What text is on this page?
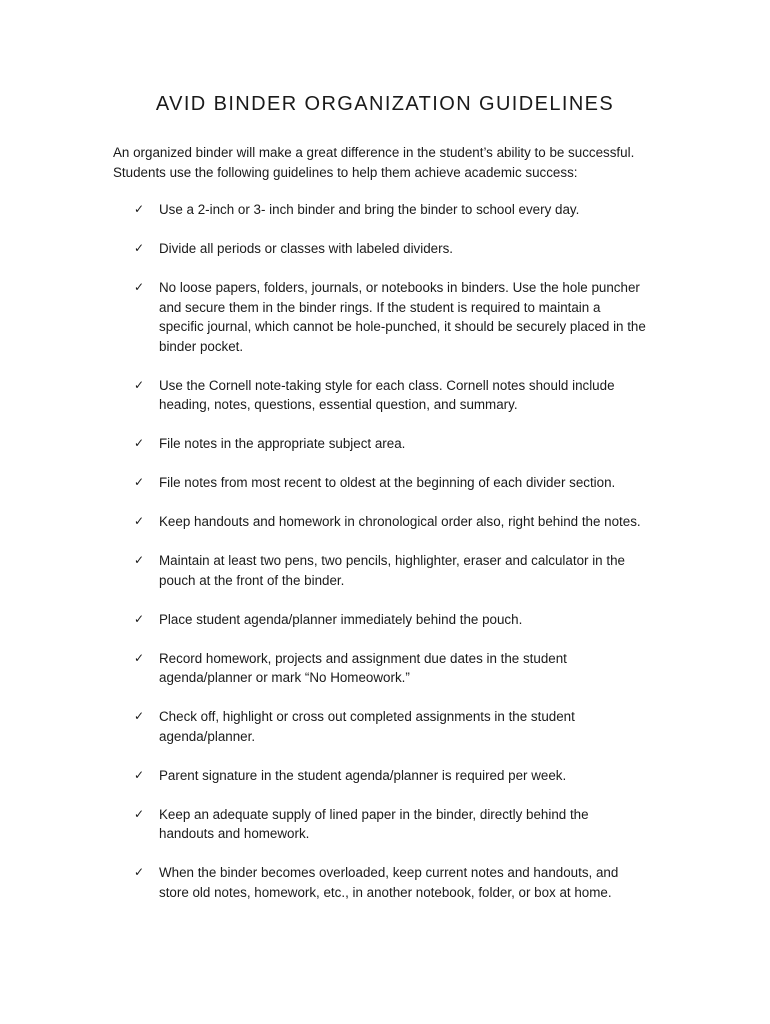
AVID BINDER ORGANIZATION GUIDELINES

An organized binder will make a great difference in the student’s ability to be successful.

Students use the following guidelines to help them achieve academic success:

✓	Use a 2-inch or 3- inch binder and bring the binder to school every day.
✓	Divide all periods or classes with labeled dividers.
✓	No loose papers, folders, journals, or notebooks in binders. Use the hole puncher
and secure them in the binder rings. If the student is required to maintain a
specific journal, which cannot be hole-punched, it should be securely placed in the
binder pocket.
✓	Use the Cornell note-taking style for each class. Cornell notes should include
heading, notes, questions, essential question, and summary.
✓	File notes in the appropriate subject area.
✓	File notes from most recent to oldest at the beginning of each divider section.
✓	Keep handouts and homework in chronological order also, right behind the notes.
✓	Maintain at least two pens, two pencils, highlighter, eraser and calculator in the
pouch at the front of the binder.
✓	Place student agenda/planner immediately behind the pouch.
✓	Record homework, projects and assignment due dates in the student
agenda/planner or mark “No Homeowork.”
✓	Check off, highlight or cross out completed assignments in the student
agenda/planner.
✓	Parent signature in the student agenda/planner is required per week.
✓	Keep an adequate supply of lined paper in the binder, directly behind the
handouts and homework.
✓	When the binder becomes overloaded, keep current notes and handouts, and
store old notes, homework, etc., in another notebook, folder, or box at home.
